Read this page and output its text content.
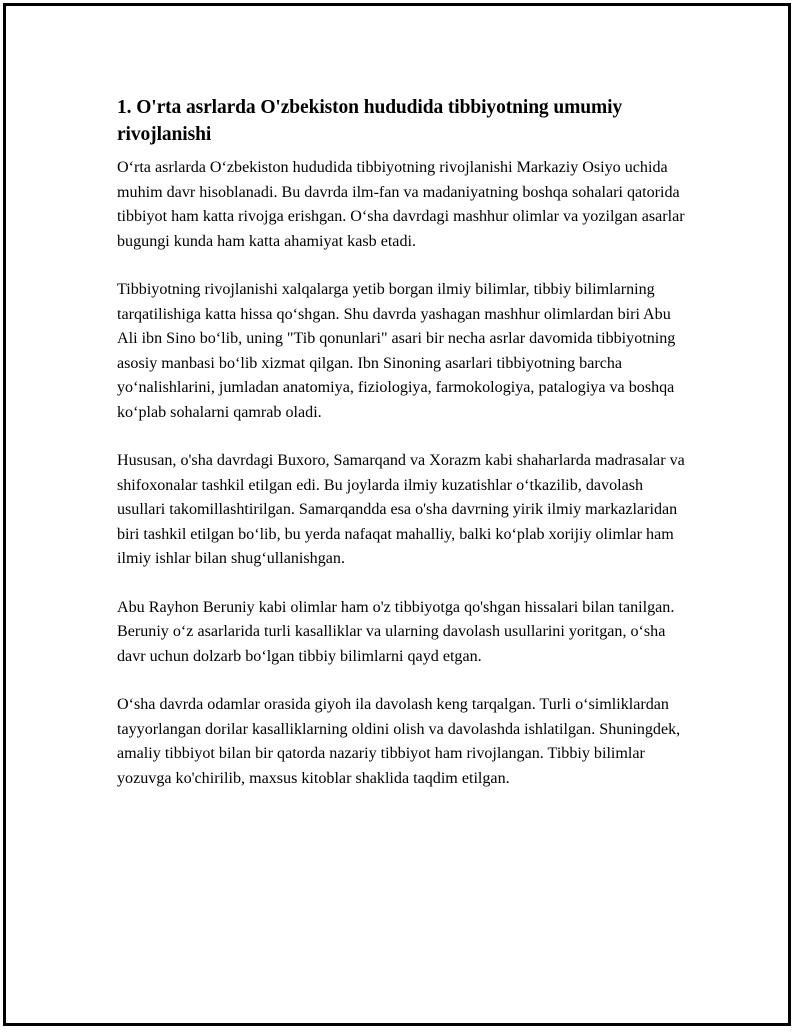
1. O'rta asrlarda O'zbekiston hududida tibbiyotning umumiy rivojlanishi

O‘rta asrlarda O‘zbekiston hududida tibbiyotning rivojlanishi Markaziy Osiyo uchida muhim davr hisoblanadi. Bu davrda ilm-fan va madaniyatning boshqa sohalari qatorida tibbiyot ham katta rivojga erishgan. O‘sha davrdagi mashhur olimlar va yozilgan asarlar bugungi kunda ham katta ahamiyat kasb etadi.

Tibbiyotning rivojlanishi xalqalarga yetib borgan ilmiy bilimlar, tibbiy bilimlarning tarqatilishiga katta hissa qo‘shgan. Shu davrda yashagan mashhur olimlardan biri Abu Ali ibn Sino bo‘lib, uning "Tib qonunlari" asari bir necha asrlar davomida tibbiyotning asosiy manbasi bo‘lib xizmat qilgan. Ibn Sinoning asarlari tibbiyotning barcha yo‘nalishlarini, jumladan anatomiya, fiziologiya, farmokologiya, patalogiya va boshqa ko‘plab sohalarni qamrab oladi.

Hususan, o'sha davrdagi Buxoro, Samarqand va Xorazm kabi shaharlarda madrasalar va shifoxonalar tashkil etilgan edi. Bu joylarda ilmiy kuzatishlar o‘tkazilib, davolash usullari takomillashtirilgan. Samarqandda esa o'sha davrning yirik ilmiy markazlaridan biri tashkil etilgan bo‘lib, bu yerda nafaqat mahalliy, balki ko‘plab xorijiy olimlar ham ilmiy ishlar bilan shug‘ullanishgan.

Abu Rayhon Beruniy kabi olimlar ham o'z tibbiyotga qo'shgan hissalari bilan tanilgan. Beruniy o‘z asarlarida turli kasalliklar va ularning davolash usullarini yoritgan, o‘sha davr uchun dolzarb bo‘lgan tibbiy bilimlarni qayd etgan.

O‘sha davrda odamlar orasida giyoh ila davolash keng tarqalgan. Turli o‘simliklardan tayyorlangan dorilar kasalliklarning oldini olish va davolashda ishlatilgan. Shuningdek, amaliy tibbiyot bilan bir qatorda nazariy tibbiyot ham rivojlangan. Tibbiy bilimlar yozuvga ko'chirilib, maxsus kitoblar shaklida taqdim etilgan.
